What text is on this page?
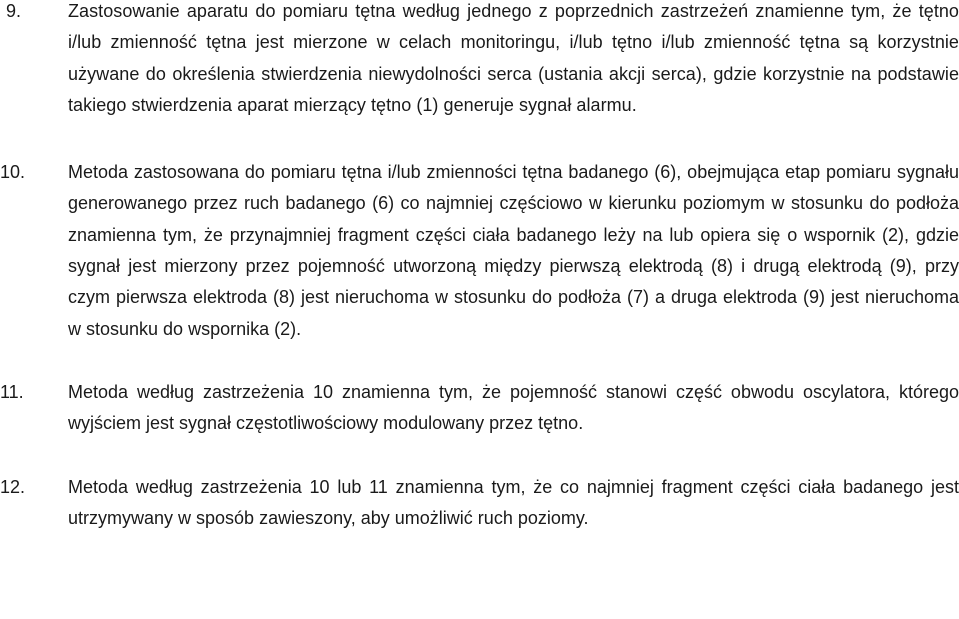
9.	Zastosowanie aparatu do pomiaru tętna według jednego z poprzednich zastrzeżeń znamienne tym, że tętno i/lub zmienność tętna jest mierzone w celach monitoringu, i/lub tętno i/lub zmienność tętna są korzystnie używane do określenia stwierdzenia niewydolności serca (ustania akcji serca), gdzie korzystnie na podstawie takiego stwierdzenia aparat mierzący tętno (1) generuje sygnał alarmu.
10. Metoda zastosowana do pomiaru tętna i/lub zmienności tętna badanego (6), obejmująca etap pomiaru sygnału generowanego przez ruch badanego (6) co najmniej częściowo w kierunku poziomym w stosunku do podłoża znamienna tym, że przynajmniej fragment części ciała badanego leży na lub opiera się o wspornik (2), gdzie sygnał jest mierzony przez pojemność utworzoną między pierwszą elektrodą (8) i drugą elektrodą (9), przy czym pierwsza elektroda (8) jest nieruchoma w stosunku do podłoża (7) a druga elektroda (9) jest nieruchoma w stosunku do wspornika (2).
11. Metoda według zastrzeżenia 10 znamienna tym, że pojemność stanowi część obwodu oscylatora, którego wyjściem jest sygnał częstotliwościowy modulowany przez tętno.
12. Metoda według zastrzeżenia 10 lub 11 znamienna tym, że co najmniej fragment części ciała badanego jest utrzymywany w sposób zawieszony, aby umożliwić ruch poziomy.
